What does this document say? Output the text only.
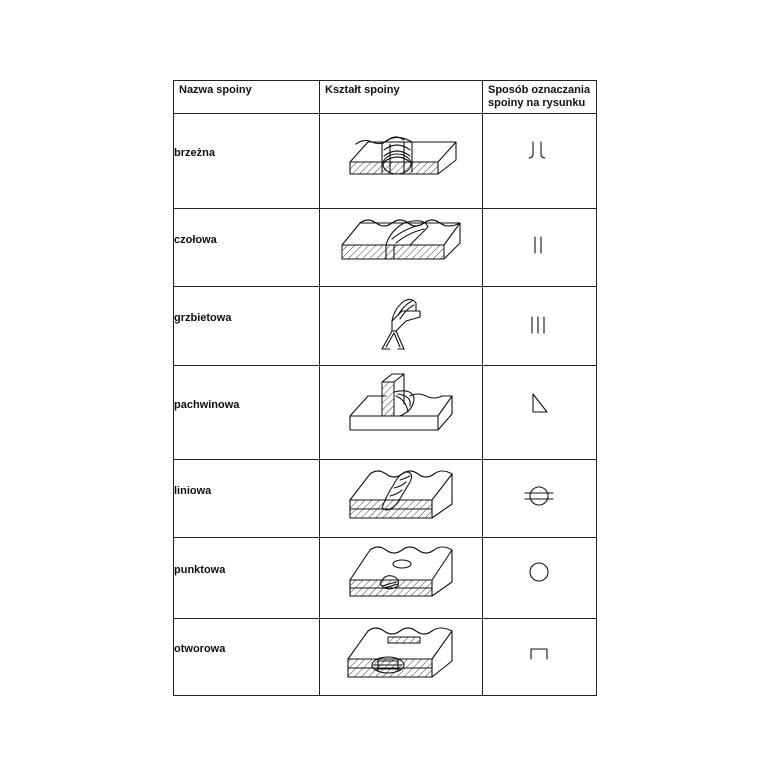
Nazwa spoiny	Kształt spoiny	Sposób oznaczania spoiny na rysunku
brzeżna	

czołowa	

grzbietowa	

pachwinowa	

liniowa	

punktowa	

otworowa	
